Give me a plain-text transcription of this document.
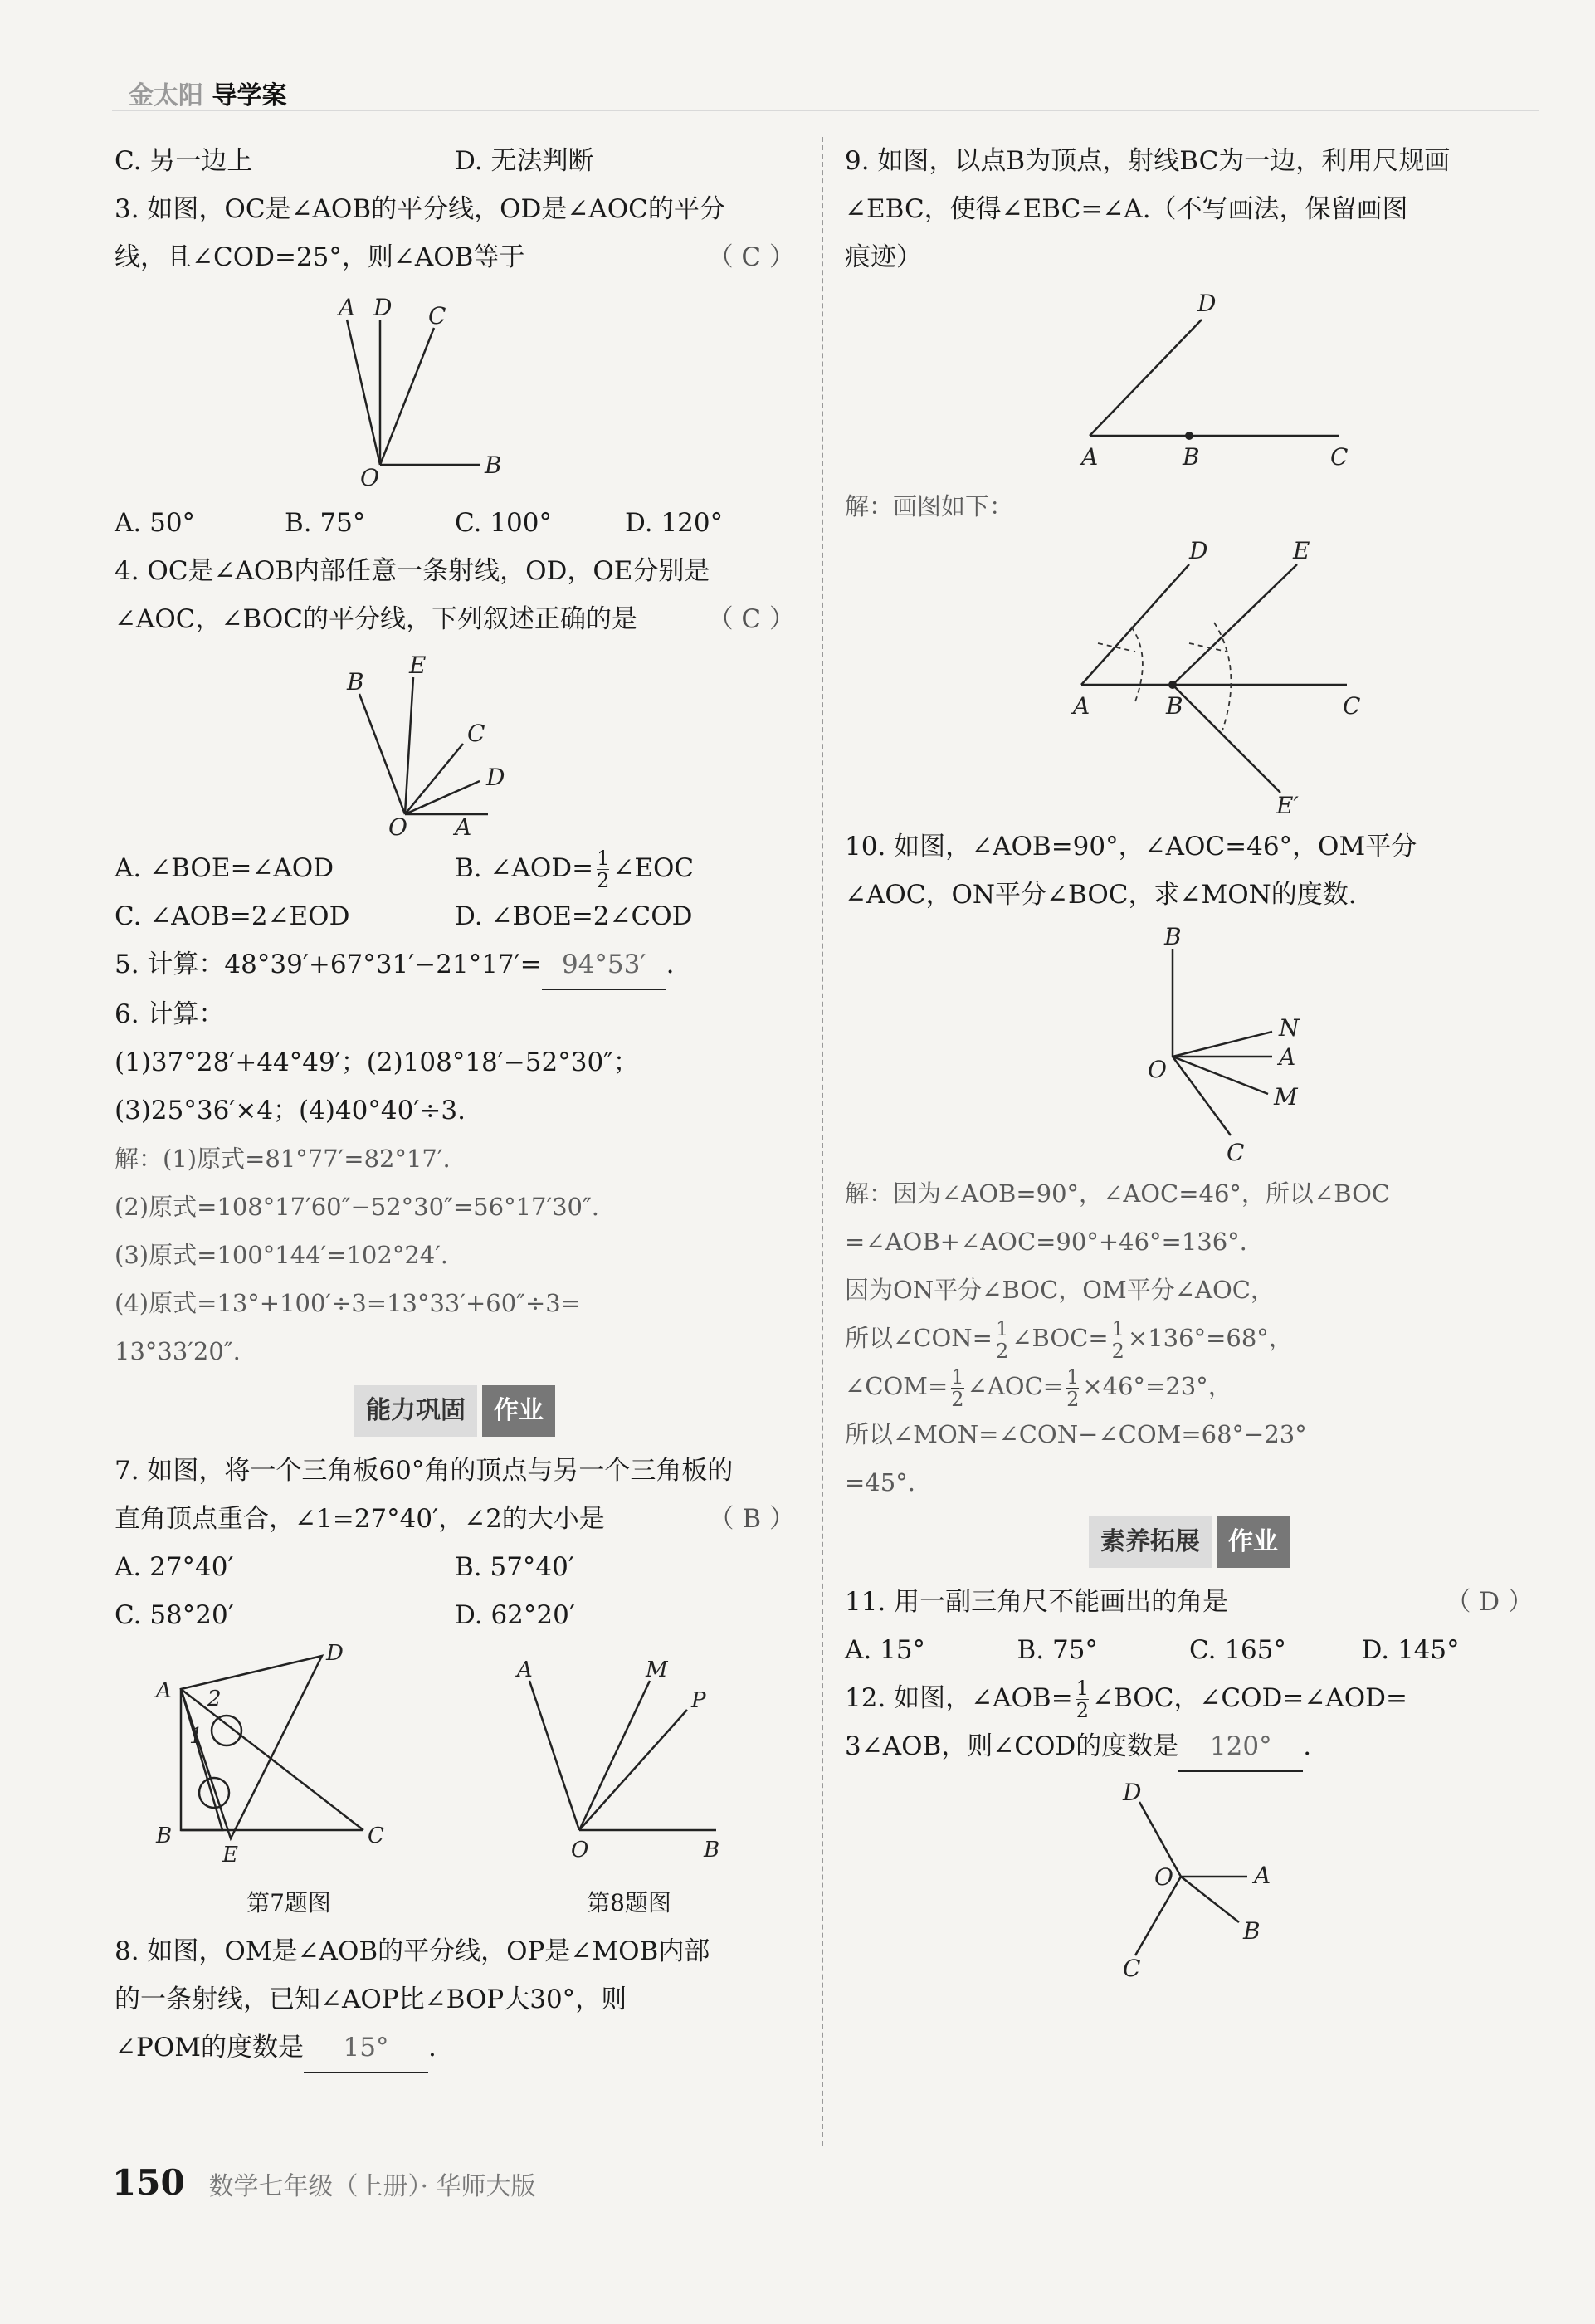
金太阳 导学案
C. 另一边上	D. 无法判断
3. 如图，OC是∠AOB的平分线，OD是∠AOC的平分
线，且∠COD=25°，则∠AOB等于	（ C ）
A D C
O	B
A. 50°	B. 75°	C. 100°	D. 120°
4. OC是∠AOB内部任意一条射线，OD，OE分别是
∠AOC，∠BOC的平分线，下列叙述正确的是	（ C ）
B
E
C
D
O A
A. ∠BOE=∠AOD	B. ∠AOD= $\frac{1}{2}$ ∠EOC
C. ∠AOB=2∠EOD	D. ∠BOE=2∠COD
5. 计算：48°39′+67°31′−21°17′= 94°53′ .
6. 计算：
(1)37°28′+44°49′；(2)108°18′−52°30″；
(3)25°36′×4；(4)40°40′÷3.
解：(1)原式=81°77′=82°17′.
(2)原式=108°17′60″−52°30″=56°17′30″.
(3)原式=100°144′=102°24′.
(4)原式=13°+100′÷3=13°33′+60″÷3=
13°33′20″.
能力巩固	作业
7. 如图，将一个三角板60°角的顶点与另一个三角板的
直角顶点重合，∠1=27°40′，∠2的大小是	（ B ）
A. 27°40′	B. 57°40′
C. 58°20′	D. 62°20′
A
D
B	C
E
1
2
第7题图
A	M
P
O	B
第8题图
8. 如图，OM是∠AOB的平分线，OP是∠MOB内部
的一条射线，已知∠AOP比∠BOP大30°，则
∠POM的度数是 15° .
9. 如图，以点B为顶点，射线BC为一边，利用尺规画
∠EBC，使得∠EBC=∠A.（不写画法，保留画图
痕迹）
D
A	B	C
解：画图如下：
D	E
A	B	C
E′
10. 如图，∠AOB=90°，∠AOC=46°，OM平分
∠AOC，ON平分∠BOC，求∠MON的度数.
B
N
A
M
C
O
解：因为∠AOB=90°，∠AOC=46°，所以∠BOC
=∠AOB+∠AOC=90°+46°=136°.
因为ON平分∠BOC，OM平分∠AOC，
所以∠CON= $\frac{1}{2}$ ∠BOC= $\frac{1}{2} \times 136^\circ=68^\circ$，
∠COM= $\frac{1}{2}$ ∠AOC= $\frac{1}{2} \times 46^\circ=23^\circ$，
所以∠MON=∠CON−∠COM=68°−23°
=45°.
素养拓展	作业
11. 用一副三角尺不能画出的角是	（ D ）
A. 15°	B. 75°	C. 165°	D. 145°
12. 如图，∠AOB= $\frac{1}{2}$ ∠BOC，∠COD=∠AOD=
3∠AOB，则∠COD的度数是 120° .
D
O	A
B
C
150 数学七年级（上册）· 华师大版
